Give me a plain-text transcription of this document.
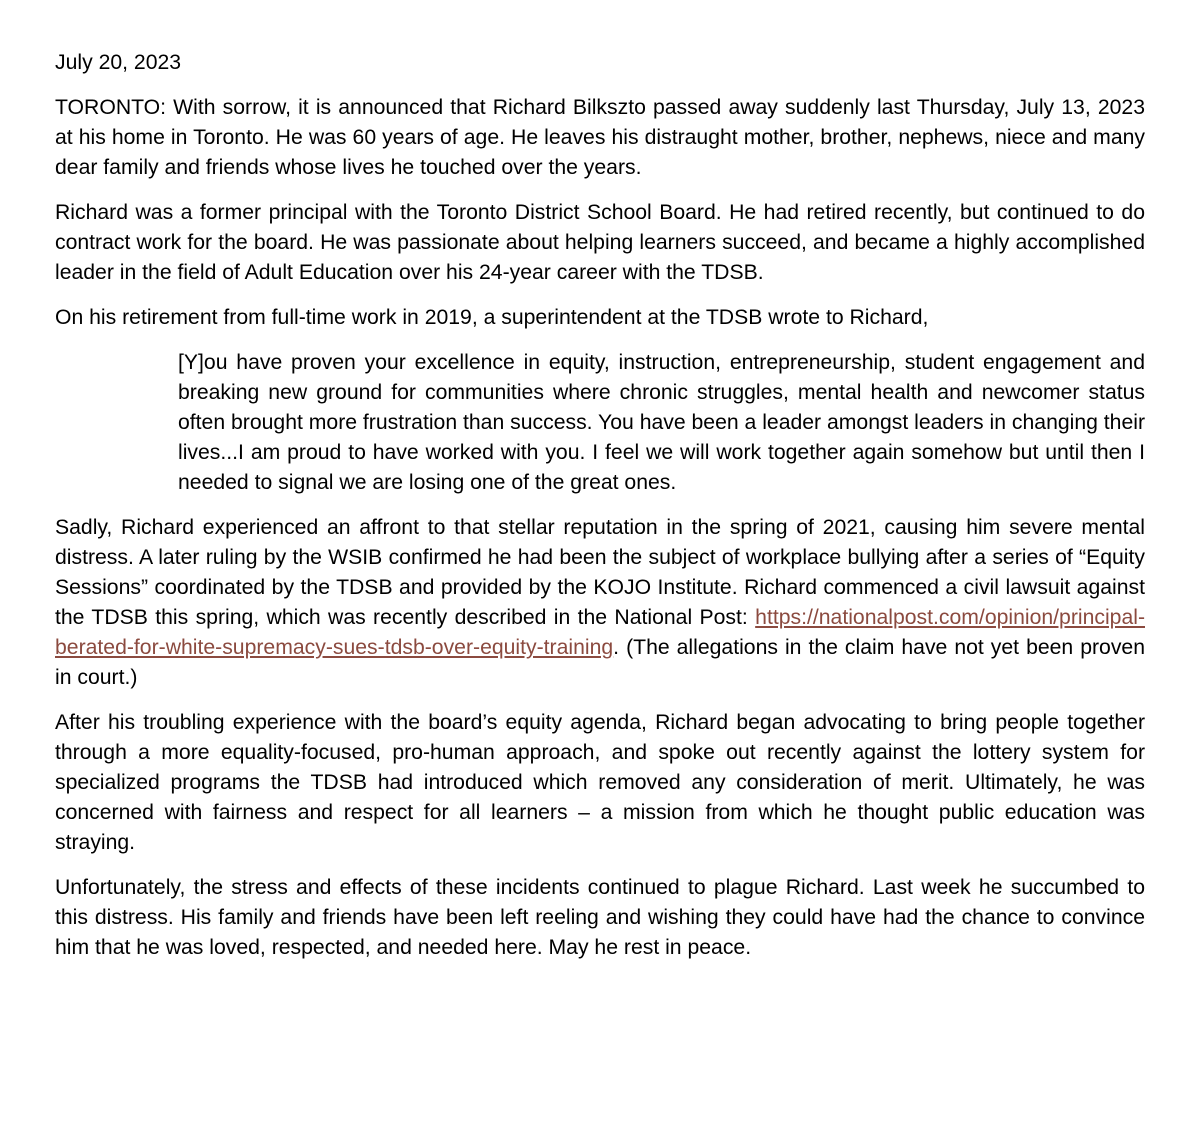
July 20, 2023

TORONTO: With sorrow, it is announced that Richard Bilkszto passed away suddenly last Thursday, July 13, 2023 at his home in Toronto. He was 60 years of age. He leaves his distraught mother, brother, nephews, niece and many dear family and friends whose lives he touched over the years.

Richard was a former principal with the Toronto District School Board. He had retired recently, but continued to do contract work for the board. He was passionate about helping learners succeed, and became a highly accomplished leader in the field of Adult Education over his 24-year career with the TDSB.

On his retirement from full-time work in 2019, a superintendent at the TDSB wrote to Richard,

[Y]ou have proven your excellence in equity, instruction, entrepreneurship, student engagement and breaking new ground for communities where chronic struggles, mental health and newcomer status often brought more frustration than success. You have been a leader amongst leaders in changing their lives...I am proud to have worked with you. I feel we will work together again somehow but until then I needed to signal we are losing one of the great ones.

Sadly, Richard experienced an affront to that stellar reputation in the spring of 2021, causing him severe mental distress. A later ruling by the WSIB confirmed he had been the subject of workplace bullying after a series of “Equity Sessions” coordinated by the TDSB and provided by the KOJO Institute. Richard commenced a civil lawsuit against the TDSB this spring, which was recently described in the National Post: https://nationalpost.com/opinion/principal-berated-for-white-supremacy-sues-tdsb-over-equity-training. (The allegations in the claim have not yet been proven in court.)

After his troubling experience with the board’s equity agenda, Richard began advocating to bring people together through a more equality-focused, pro-human approach, and spoke out recently against the lottery system for specialized programs the TDSB had introduced which removed any consideration of merit. Ultimately, he was concerned with fairness and respect for all learners – a mission from which he thought public education was straying.

Unfortunately, the stress and effects of these incidents continued to plague Richard. Last week he succumbed to this distress. His family and friends have been left reeling and wishing they could have had the chance to convince him that he was loved, respected, and needed here. May he rest in peace.
